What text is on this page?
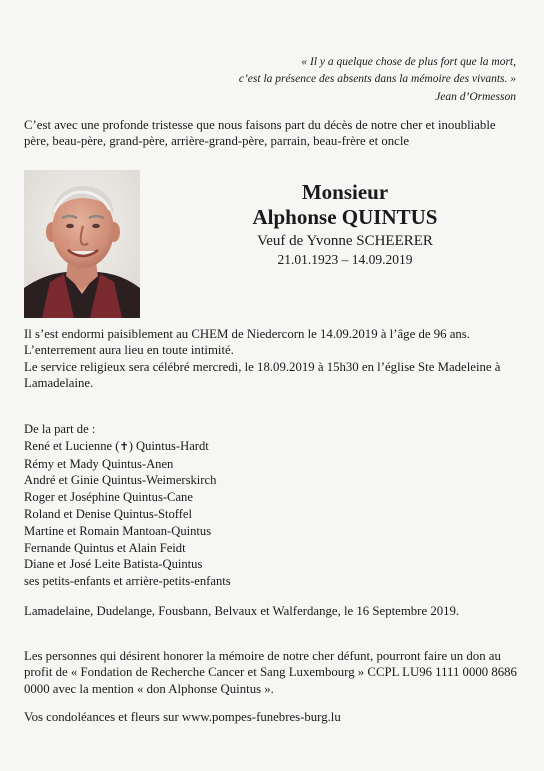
« Il y a quelque chose de plus fort que la mort,
c’est la présence des absents dans la mémoire des vivants. »
Jean d’Ormesson
C’est avec une profonde tristesse que nous faisons part du décès de notre cher et inoubliable père, beau-père, grand-père, arrière-grand-père, parrain, beau-frère et oncle
Monsieur
Alphonse QUINTUS
Veuf de Yvonne SCHEERER
21.01.1923 – 14.09.2019

Il s’est endormi paisiblement au CHEM de Niedercorn le 14.09.2019 à l’âge de 96 ans.

L’enterrement aura lieu en toute intimité.

Le service religieux sera célébré mercredi, le 18.09.2019 à 15h30 en l’église Ste Madeleine à Lamadelaine.

De la part de :
René et Lucienne (✝) Quintus-Hardt
Rémy et Mady Quintus-Anen
André et Ginie Quintus-Weimerskirch
Roger et Joséphine Quintus-Cane
Roland et Denise Quintus-Stoffel
Martine et Romain Mantoan-Quintus
Fernande Quintus et Alain Feidt
Diane et José Leite Batista-Quintus
ses petits-enfants et arrière-petits-enfants
Lamadelaine, Dudelange, Fousbann, Belvaux et Walferdange, le 16 Septembre 2019.
Les personnes qui désirent honorer la mémoire de notre cher défunt, pourront faire un don au profit de « Fondation de Recherche Cancer et Sang Luxembourg » CCPL LU96 1111 0000 8686 0000 avec la mention « don Alphonse Quintus ».
Vos condoléances et fleurs sur www.pompes-funebres-burg.lu
